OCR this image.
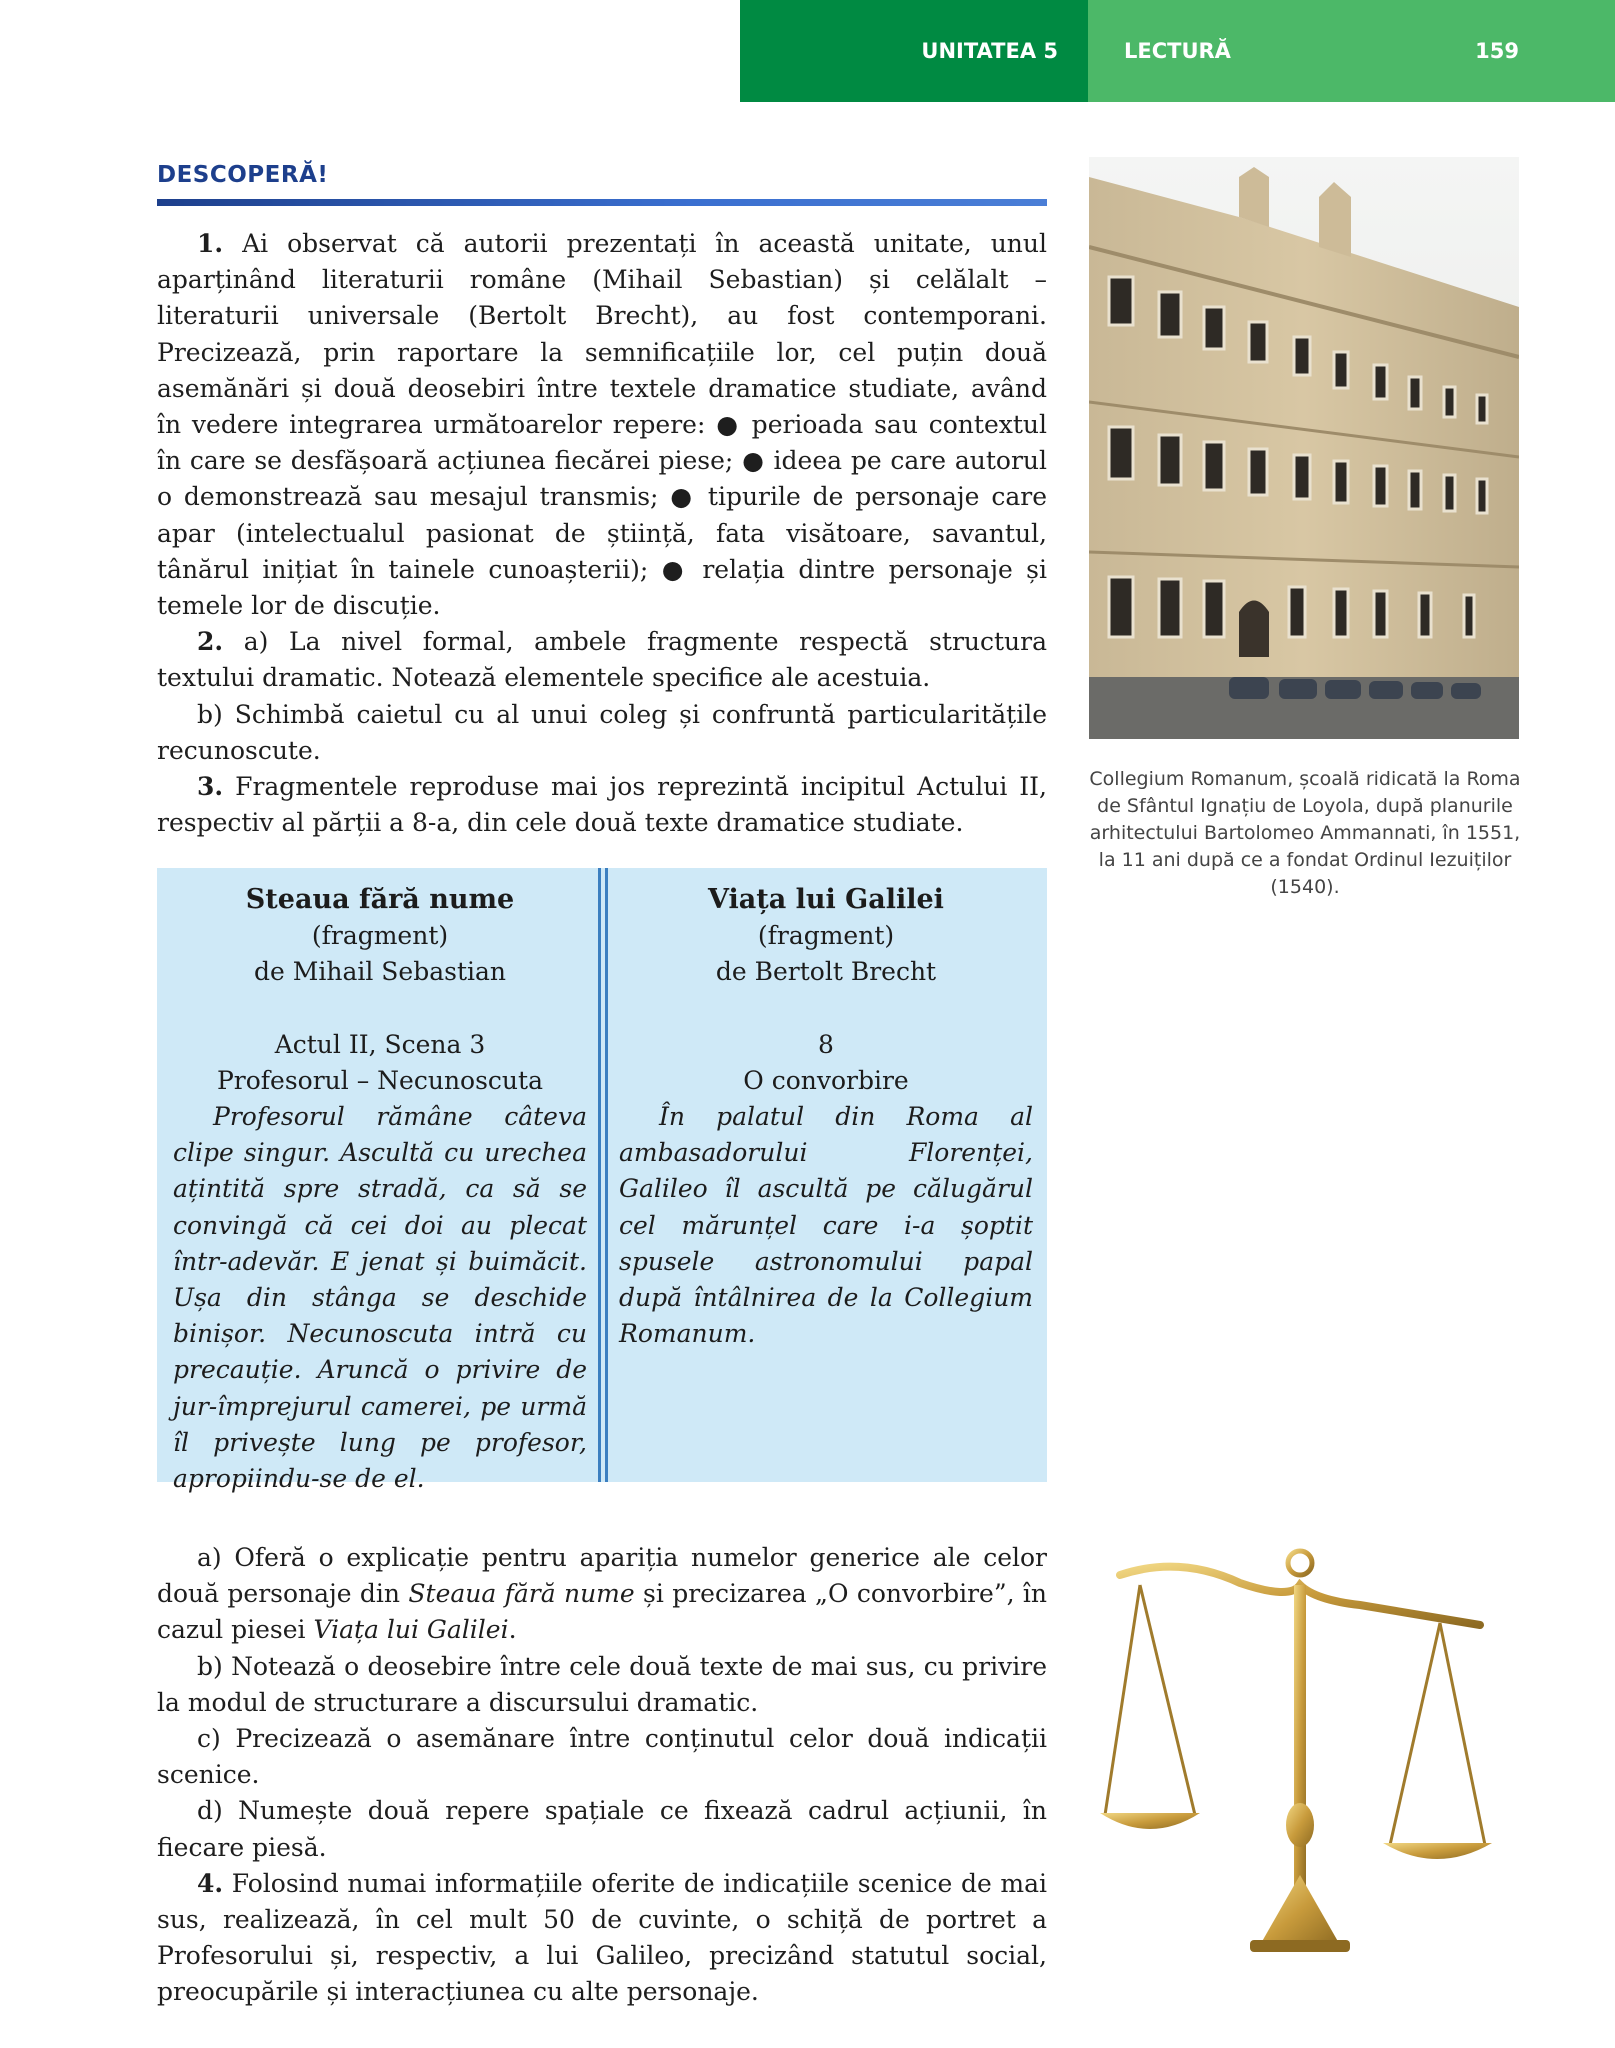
UNITATEA 5	LECTURĂ	159
DESCOPERĂ!

1. Ai observat că autorii prezentați în această unitate, unul aparținând literaturii române (Mihail Sebastian) și celălalt – literaturii universale (Bertolt Brecht), au fost contemporani. Precizează, prin raportare la semnificațiile lor, cel puțin două asemănări și două deosebiri între textele dramatice studiate, având în vedere integrarea următoarelor repere: ● perioada sau contextul în care se desfășoară acțiunea fiecărei piese; ● ideea pe care autorul o demonstrează sau mesajul transmis; ● tipurile de personaje care apar (intelectualul pasionat de știință, fata visătoare, savantul, tânărul inițiat în tainele cunoașterii); ● relația dintre personaje și temele lor de discuție.

2. a) La nivel formal, ambele fragmente respectă structura textului dramatic. Notează elementele specifice ale acestuia.

b) Schimbă caietul cu al unui coleg și confruntă particularitățile recunoscute.

3. Fragmentele reproduse mai jos reprezintă incipitul Actului II, respectiv al părții a 8-a, din cele două texte dramatice studiate.

Steaua fără nume
(fragment)
de Mihail Sebastian
Actul II, Scena 3
Profesorul – Necunoscuta

Profesorul rămâne câteva clipe singur. Ascultă cu urechea ațintită spre stradă, ca să se convingă că cei doi au plecat într-adevăr. E jenat și buimăcit. Ușa din stânga se deschide binișor. Necunoscuta intră cu precauție. Aruncă o privire de jur-împrejurul camerei, pe urmă îl privește lung pe profesor, apropiindu-se de el.

Viața lui Galilei
(fragment)
de Bertolt Brecht
8
O convorbire

În palatul din Roma al ambasadorului Florenței, Galileo îl ascultă pe călugărul cel mărunțel care i-a șoptit spusele astronomului papal după întâlnirea de la Collegium Romanum.

a) Oferă o explicație pentru apariția numelor generice ale celor două personaje din Steaua fără nume și precizarea „O convorbire”, în cazul piesei Viața lui Galilei.

b) Notează o deosebire între cele două texte de mai sus, cu privire la modul de structurare a discursului dramatic.

c) Precizează o asemănare între conținutul celor două indicații scenice.

d) Numește două repere spațiale ce fixează cadrul acțiunii, în fiecare piesă.

4. Folosind numai informațiile oferite de indicațiile scenice de mai sus, realizează, în cel mult 50 de cuvinte, o schiță de portret a Profesorului și, respectiv, a lui Galileo, precizând statutul social, preocupările și interacțiunea cu alte personaje.

Collegium Romanum, școală ridicată la Roma de Sfântul Ignațiu de Loyola, după planurile arhitectului Bartolomeo Ammannati, în 1551, la 11 ani după ce a fondat Ordinul Iezuiților (1540).
